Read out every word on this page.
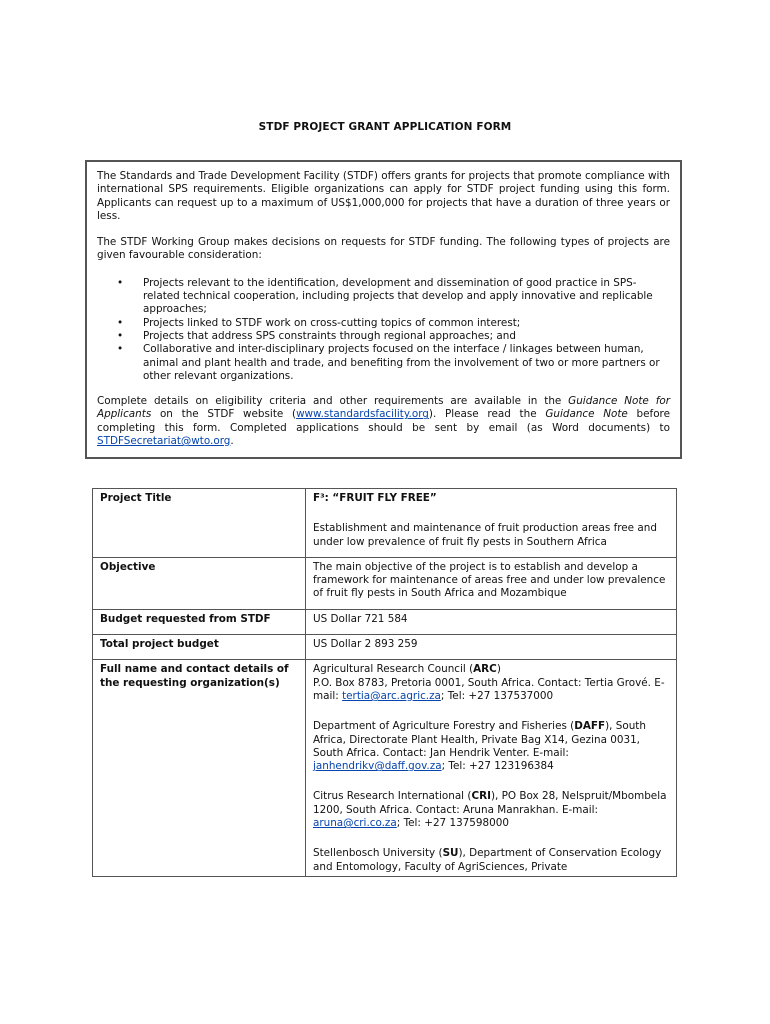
STDF PROJECT GRANT APPLICATION FORM

The Standards and Trade Development Facility (STDF) offers grants for projects that promote compliance with international SPS requirements. Eligible organizations can apply for STDF project funding using this form. Applicants can request up to a maximum of US$1,000,000 for projects that have a duration of three years or less.

The STDF Working Group makes decisions on requests for STDF funding. The following types of projects are given favourable consideration:

• Projects relevant to the identification, development and dissemination of good practice in SPS-related technical cooperation, including projects that develop and apply innovative and replicable approaches;
• Projects linked to STDF work on cross-cutting topics of common interest;
• Projects that address SPS constraints through regional approaches; and
• Collaborative and inter-disciplinary projects focused on the interface / linkages between human, animal and plant health and trade, and benefiting from the involvement of two or more partners or other relevant organizations.

Complete details on eligibility criteria and other requirements are available in the Guidance Note for Applicants on the STDF website (www.standardsfacility.org). Please read the Guidance Note before completing this form. Completed applications should be sent by email (as Word documents) to STDFSecretariat@wto.org.

Project Title	F³: “FRUIT FLY FREE”

Establishment and maintenance of fruit production areas free and under low prevalence of fruit fly pests in Southern Africa

Objective	The main objective of the project is to establish and develop a framework for maintenance of areas free and under low prevalence of fruit fly pests in South Africa and Mozambique
Budget requested from STDF	US Dollar 721 584
Total project budget	US Dollar 2 893 259
Full name and contact details of the requesting organization(s)	Agricultural Research Council (ARC)
P.O. Box 8783, Pretoria 0001, South Africa. Contact: Tertia Grové. E-mail: tertia@arc.agric.za; Tel: +27 137537000

Department of Agriculture Forestry and Fisheries (DAFF), South Africa, Directorate Plant Health, Private Bag X14, Gezina 0031, South Africa. Contact: Jan Hendrik Venter. E-mail: janhendrikv@daff.gov.za; Tel: +27 123196384

Citrus Research International (CRI), PO Box 28, Nelspruit/Mbombela 1200, South Africa. Contact: Aruna Manrakhan. E-mail: aruna@cri.co.za; Tel: +27 137598000

Stellenbosch University (SU), Department of Conservation Ecology and Entomology, Faculty of AgriSciences, Private
